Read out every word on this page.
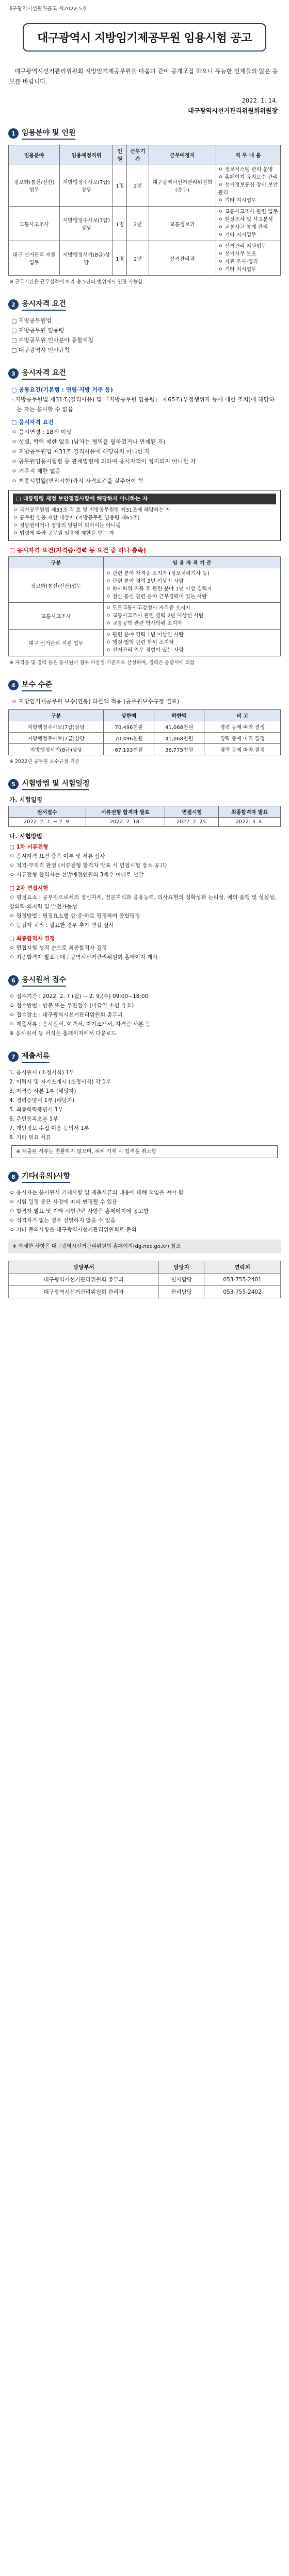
대구광역시선관위공고 제2022-5호
대구광역시 지방임기제공무원 임용시험 공고
대구광역시선거관리위원회 지방임기제공무원을 다음과 같이 공개모집 하오니 유능한 인재들의 많은 응모를 바랍니다.
2022. 1. 14.
대구광역시선거관리위원회위원장
1 임용분야 및 인원
임용분야	임용예정직위	인원	근무기간	근무예정지	직 무 내 용
정보화(통신/전산) 업무	지방행정주사보(7급)상당	1명	2년	대구광역시선거관리위원회(중구)	ㅇ 정보시스템 관리·운영
ㅇ 홈페이지 유지보수·관리
ㅇ 선거정보통신 장비·보안 관리
ㅇ 기타 지시업무
교통사고조사	지방행정주사보(7급)상당	1명	2년	교통정보과	ㅇ 교통사고조사 관련 업무
ㅇ 현장조사 및 사고분석
ㅇ 교통사고 통계 관리
ㅇ 기타 지시업무
대구 선거관리 지원 업무	지방행정서기(8급)상당	1명	2년	선거관리과	ㅇ 선거관리 지원업무
ㅇ 선거사무 보조
ㅇ 자료 조사·정리
ㅇ 기타 지시업무
※ 근무기간은 근무실적에 따라 총 5년의 범위에서 연장 가능함
2 응시자격 요건
□ 지방공무원법
□ 지방공무원 임용령
□ 지방공무원 인사분야 통합지침
□ 대구광역시 인사규칙
3 응시자격 요건
□ 공통요건(기본형 : 연령·지방 거주 등)
- 지방공무원법 제31조(결격사유) 및 「지방공무원 임용령」 제65조(부정행위자 등에 대한 조치)에 해당하는 자는 응시할 수 없음
□ 응시자격 요건
ㅇ 응시연령 : 18세 이상
ㅇ 성별, 학력 제한 없음 (남자는 병역을 필하였거나 면제된 자)
ㅇ 지방공무원법 제31조 결격사유에 해당하지 아니한 자
ㅇ 공무원임용시험령 등 관계법령에 의하여 응시자격이 정지되지 아니한 자
ㅇ 거주지 제한 없음
ㅇ 최종시험일(면접시험)까지 자격요건을 갖추어야 함
□ 대통령령 제정 보안점검사항에 해당하지 아니하는 자
ㅇ 국가공무원법 제33조 각 호 및 지방공무원법 제31조에 해당하는 자
ㅇ 공무원 임용 제한 대상자 (지방공무원 임용령 제65조)
ㅇ 정당원이거나 정당의 당원이 되어서는 아니됨
ㅇ 법령에 따라 공무원 임용에 제한을 받는 자
□ 응시자격 요건(자격증·경력 등 요건 중 하나 충족)
구분	임 용 자 격 기 준
정보화(통신/전산)업무	ㅇ 관련 분야 자격증 소지자 (정보처리기사 등)
ㅇ 관련 분야 경력 2년 이상인 사람
ㅇ 학사학위 취득 후 관련 분야 1년 이상 경력자
ㅇ 전산·통신 관련 분야 근무경력이 있는 사람
교통사고조사	ㅇ 도로교통사고감정사 자격증 소지자
ㅇ 교통사고조사 관련 경력 2년 이상인 사람
ㅇ 교통공학 관련 학사학위 소지자
대구 선거관리 지원 업무	ㅇ 관련 분야 경력 1년 이상인 사람
ㅇ 행정·법학 관련 학위 소지자
ㅇ 선거관리 업무 경험이 있는 사람
※ 자격증 및 경력 등은 응시원서 접수 마감일 기준으로 산정하며, 경력은 증명서에 의함
4 보수 수준
ㅇ 지방임기제공무원 보수(연봉) 하한액 적용 (공무원보수규정 별표)
구분	상한액	하한액	비 고
지방행정주사보(7급)상당	70,496천원	41,068천원	경력 등에 따라 결정
지방행정주사보(7급)상당	70,496천원	41,068천원	경력 등에 따라 결정
지방행정서기(8급)상당	67,193천원	36,775천원	경력 등에 따라 결정
※ 2022년 공무원 보수규정 기준
5 시험방법 및 시험일정
가. 시험일정
원서접수	서류전형 합격자 발표	면접시험	최종합격자 발표
2022. 2. 7. ~ 2. 9.	2022. 2. 18.	2022. 2. 25.	2022. 3. 4.
나. 시험방법
□ 1차 서류전형
ㅇ 응시자격 요건 충족 여부 및 서류 심사
ㅇ 적격·부적격 판정 (서류전형 합격자 발표 시 면접시험 장소 공고)
ㅇ 서류전형 합격자는 선발예정인원의 3배수 이내로 선발
□ 2차 면접시험
ㅇ 평정요소 : 공무원으로서의 정신자세, 전문지식과 응용능력, 의사표현의 정확성과 논리성, 예의·품행 및 성실성, 창의력·의지력 및 발전가능성
ㅇ 평정방법 : 평정요소별 상·중·하로 평정하여 종합평정
ㅇ 동점자 처리 : 필요한 경우 추가 면접 실시
□ 최종합격자 결정
ㅇ 면접시험 성적 순으로 최종합격자 결정
ㅇ 최종합격자 발표 : 대구광역시선거관리위원회 홈페이지 게시
6 응시원서 접수
ㅇ 접수기간 : 2022. 2. 7.(월) ~ 2. 9.(수) 09:00~18:00
ㅇ 접수방법 : 방문 또는 우편접수 (마감일 소인 유효)
ㅇ 접수장소 : 대구광역시선거관리위원회 총무과
ㅇ 제출서류 : 응시원서, 이력서, 자기소개서, 자격증 사본 등
※ 응시원서 등 서식은 홈페이지에서 다운로드
7 제출서류
1. 응시원서 (소정서식) 1부
2. 이력서 및 자기소개서 (소정서식) 각 1부
3. 자격증 사본 1부 (해당자)
4. 경력증명서 1부 (해당자)
5. 최종학력증명서 1부
6. 주민등록초본 1부
7. 개인정보 수집·이용 동의서 1부
8. 기타 필요 서류
※ 제출된 서류는 반환하지 않으며, 허위 기재 시 합격을 취소함
8 기타(유의)사항
ㅇ 응시자는 응시원서 기재사항 및 제출서류의 내용에 대해 책임을 져야 함
ㅇ 시험 일정 등은 사정에 따라 변경될 수 있음
ㅇ 합격자 발표 및 기타 시험관련 사항은 홈페이지에 공고함
ㅇ 적격자가 없는 경우 선발하지 않을 수 있음
ㅇ 기타 문의사항은 대구광역시선거관리위원회로 문의
※ 자세한 사항은 대구광역시선거관리위원회 홈페이지(dg.nec.go.kr) 참조
담당부서	담당자	연락처
대구광역시선거관리위원회 총무과	인사담당	053-755-2401
대구광역시선거관리위원회 관리과	관리담당	053-755-2402
